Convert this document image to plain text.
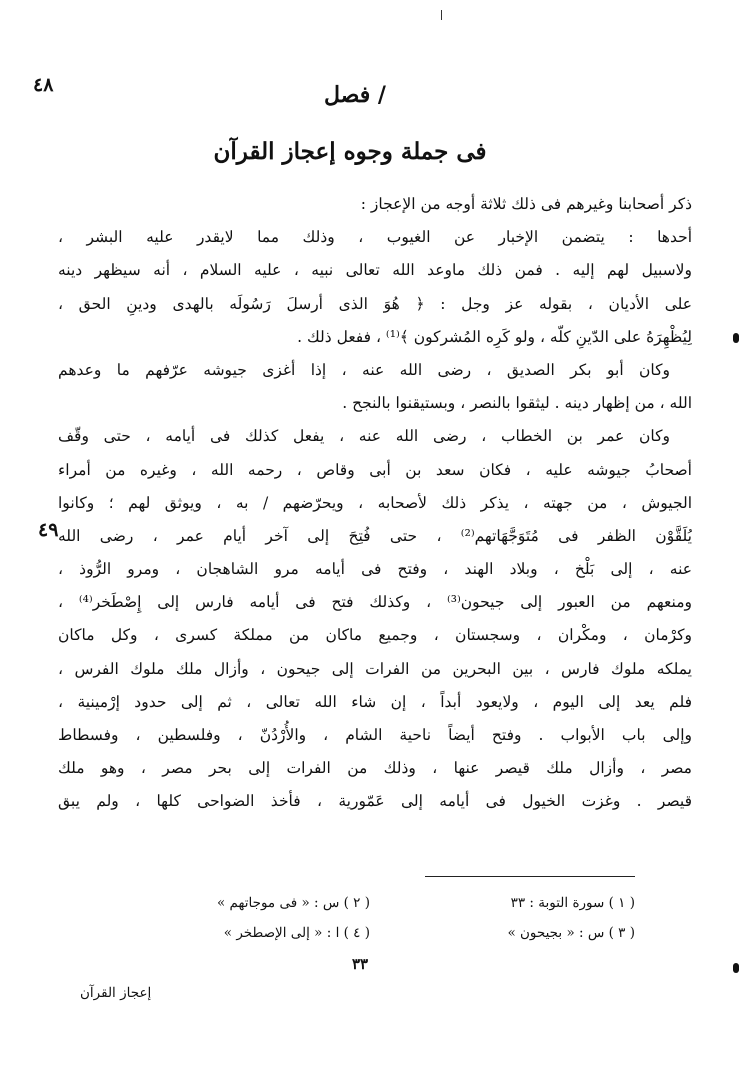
٤٨	/ فصل
فى جملة وجوه إعجاز القرآن
٤٩
ذكر أصحابنا وغيرهم فى ذلك ثلاثة أوجه من الإعجاز :
أحدها : يتضمن الإخبار عن الغيوب ، وذلك مما لايقدر عليه البشر ،
ولاسبيل لهم إليه . فمن ذلك ماوعد الله تعالى نبيه ، عليه السلام ، أنه سيظهر دينه
على الأديان ، بقوله عز وجل : ﴿ هُوَ الذى أرسلَ رَسُولَه بالهدى ودينِ الحق ،
لِيُظْهِرَهُ على الدّينِ كلّه ، ولو كَرِه المُشركون ﴾⁽¹⁾ ، ففعل ذلك .
وكان أبو بكر الصديق ، رضى الله عنه ، إذا أغزى جيوشه عرّفهم ما وعدهم
الله ، من إظهار دينه . ليثقوا بالنصر ، وبستيقنوا بالنجح .
وكان عمر بن الخطاب ، رضى الله عنه ، يفعل كذلك فى أيامه ، حتى وقّف
أصحابُ جيوشه عليه ، فكان سعد بن أبى وقاص ، رحمه الله ، وغيره من أمراء
الجيوش ، من جهته ، يذكر ذلك لأصحابه ، ويحرّضهم / به ، ويوثق لهم ؛ وكانوا
يُلَقَّوْن الظفر فى مُتَوَجَّهَاتهم⁽²⁾ ، حتى فُتِحَ إلى آخر أيام عمر ، رضى الله
عنه ، إلى بَلْخ ، وبلاد الهند ، وفتح فى أيامه مرو الشاهجان ، ومرو الرُّوذ ،
ومنعهم من العبور إلى جيحون⁽³⁾ ، وكذلك فتح فى أيامه فارس إلى إِصْطَخر⁽⁴⁾ ،
وكرْمان ، ومكْران ، وسجستان ، وجميع ماكان من مملكة كسرى ، وكل ماكان
يملكه ملوك فارس ، بين البحرين من الفرات إلى جيحون ، وأزال ملك ملوك الفرس ،
فلم يعد إلى اليوم ، ولايعود أبداً ، إن شاء الله تعالى ، ثم إلى حدود إرْمينية ،
وإلى باب الأبواب . وفتح أيضاً ناحية الشام ، والأُرْدُنّ ، وفلسطين ، وفسطاط
مصر ، وأزال ملك قيصر عنها ، وذلك من الفرات إلى بحر مصر ، وهو ملك
قيصر . وغزت الخيول فى أيامه إلى عَمّورية ، فأخذ الضواحى كلها ، ولم يبق
( ١ ) سورة التوبة : ٣٣
( ٢ ) س : « فى موجاتهم »
( ٣ ) س : « بجيحون »
( ٤ ) ا : « إلى الإصطخر »
٣٣
إعجاز القرآن
